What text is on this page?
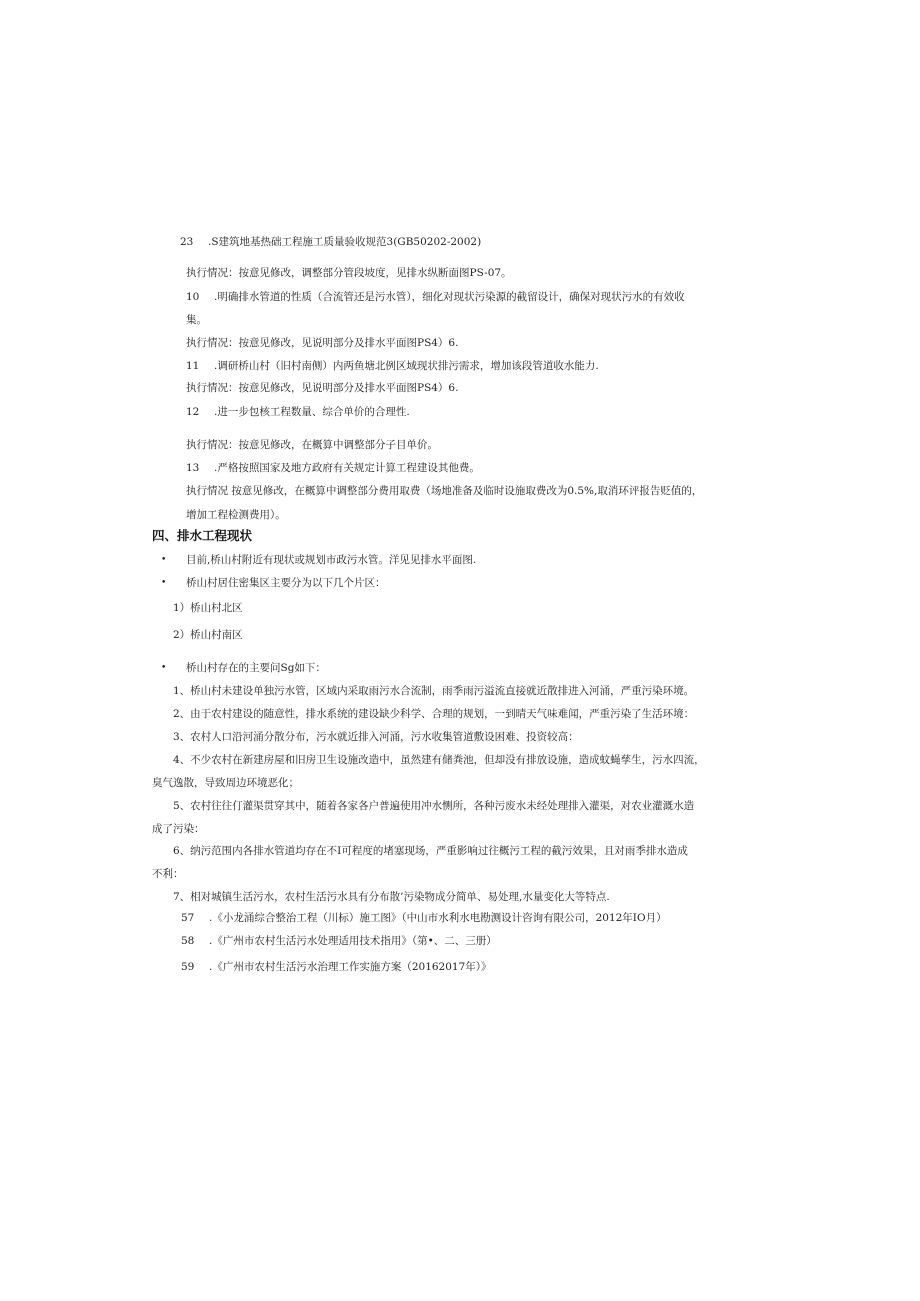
23 .S建筑地基热础工程施工质量验收规范3(GB50202-2002)
执行情况：按意见修改，调整部分管段坡度，见排水纵断面图PS-07。
10 .明确排水管道的性质（合流管还是污水管），细化对现状污染源的截留设计，确保对现状污水的有效收
集。
执行情况：按意见修改，见说明部分及排水平面图PS4）6.
11 .调研桥山村（旧村南侧）内两鱼塘北例区域现状排污需求，增加该段管道收水能力.
执行情况：按意见修改，见说明部分及排水平面图PS4）6.
12 .进一步包核工程数量、综合单价的合理性.
执行情况：按意见修改，在概算中调整部分子目单价。
13 .严格按照国家及地方政府有关规定计算工程建设其他费。
执行情况 按意见修改，在概算中调整部分费用取费（场地准备及临时设施取费改为0.5%,取消环评报告贬值的，
增加工程检测费用）。
四、排水工程现状
• 目前,桥山村附近有现状或规划市政污水管。洋见见排水平面图.
• 桥山村居住密集区主要分为以下几个片区：
1）桥山村北区
2）桥山村南区
• 桥山村存在的主要问Sg如下：
1、桥山村未建设单独污水管，区域内采取雨污水合流制，雨季雨污溢流直接就近散排进入河涌，严重污染环境。
2、由于农村建设的随意性，排水系统的建设缺少科学、合理的规划，一到晴天气味难闻，严重污染了生活环境：
3、农村人口沿河涌分散分布，污水就近排入河涌，污水收集管道敷设困难、投资较高：
4、不少农村在新建房屋和旧房卫生设施改造中，虽然建有储粪池，但却没有排放设施，造成蚊蝇孳生，污水四流，
臭气逸散，导致周边环境恶化；
5、农村往往仃灌渠贯穿其中，随着各家各户普遍使用冲水恻所，各种污废水未经处理排入灌渠，对农业灌溉水造
成了污染：
6、纳污范围内各排水管道均存在不I可程度的堵塞现场，严重影响过往概污工程的截污效果，且对雨季排水造成
不利：
7、相对城镇生活污水，农村生活污水具有分布散’污染物成分简单、易处理,水量变化大等特点.
57 .《小龙涌综合整治工程（川标）施工图》（中山市水利水电勘测设计咨询有限公司，2012年IO月）
58 .《广州市农村生活污水处理适用技术指用》（第•、二、三册）
59 .《广州市农村生活污水治理工作实施方案（20162017年）》
